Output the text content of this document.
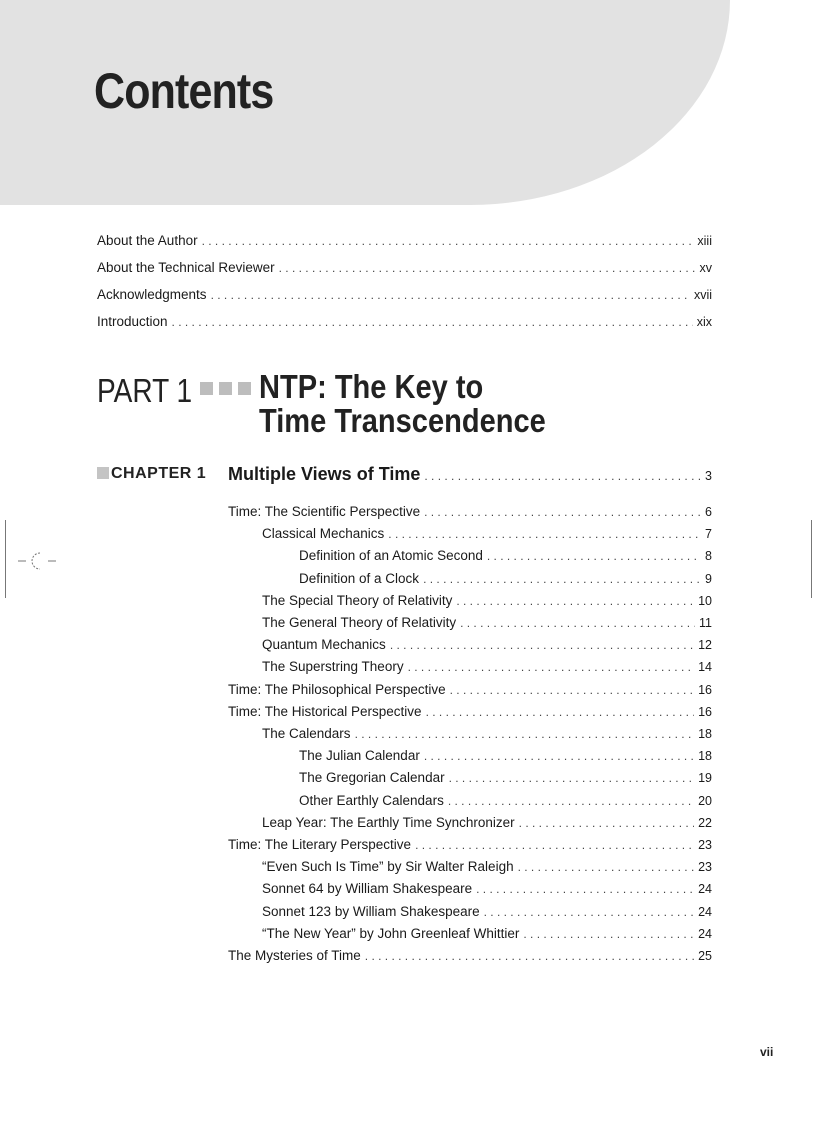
Contents
About the Author . . .	xiii
About the Technical Reviewer . . .	xv
Acknowledgments . . .	xvii
Introduction . . .	xix
PART 1 NTP: The Key to
Time Transcendence
CHAPTER 1 Multiple Views of Time . . .	3
Time: The Scientific Perspective . . .	6
Classical Mechanics . . .	7
Definition of an Atomic Second . . .	8
Definition of a Clock . . .	9
The Special Theory of Relativity . . .	10
The General Theory of Relativity . . .	11
Quantum Mechanics . . .	12
The Superstring Theory . . .	14
Time: The Philosophical Perspective . . .	16
Time: The Historical Perspective . . .	16
The Calendars . . .	18
The Julian Calendar . . .	18
The Gregorian Calendar . . .	19
Other Earthly Calendars . . .	20
Leap Year: The Earthly Time Synchronizer . . .	22
Time: The Literary Perspective . . .	23
“Even Such Is Time” by Sir Walter Raleigh . . .	23
Sonnet 64 by William Shakespeare . . .	24
Sonnet 123 by William Shakespeare . . .	24
“The New Year” by John Greenleaf Whittier . . .	24
The Mysteries of Time . . .	25
vii
